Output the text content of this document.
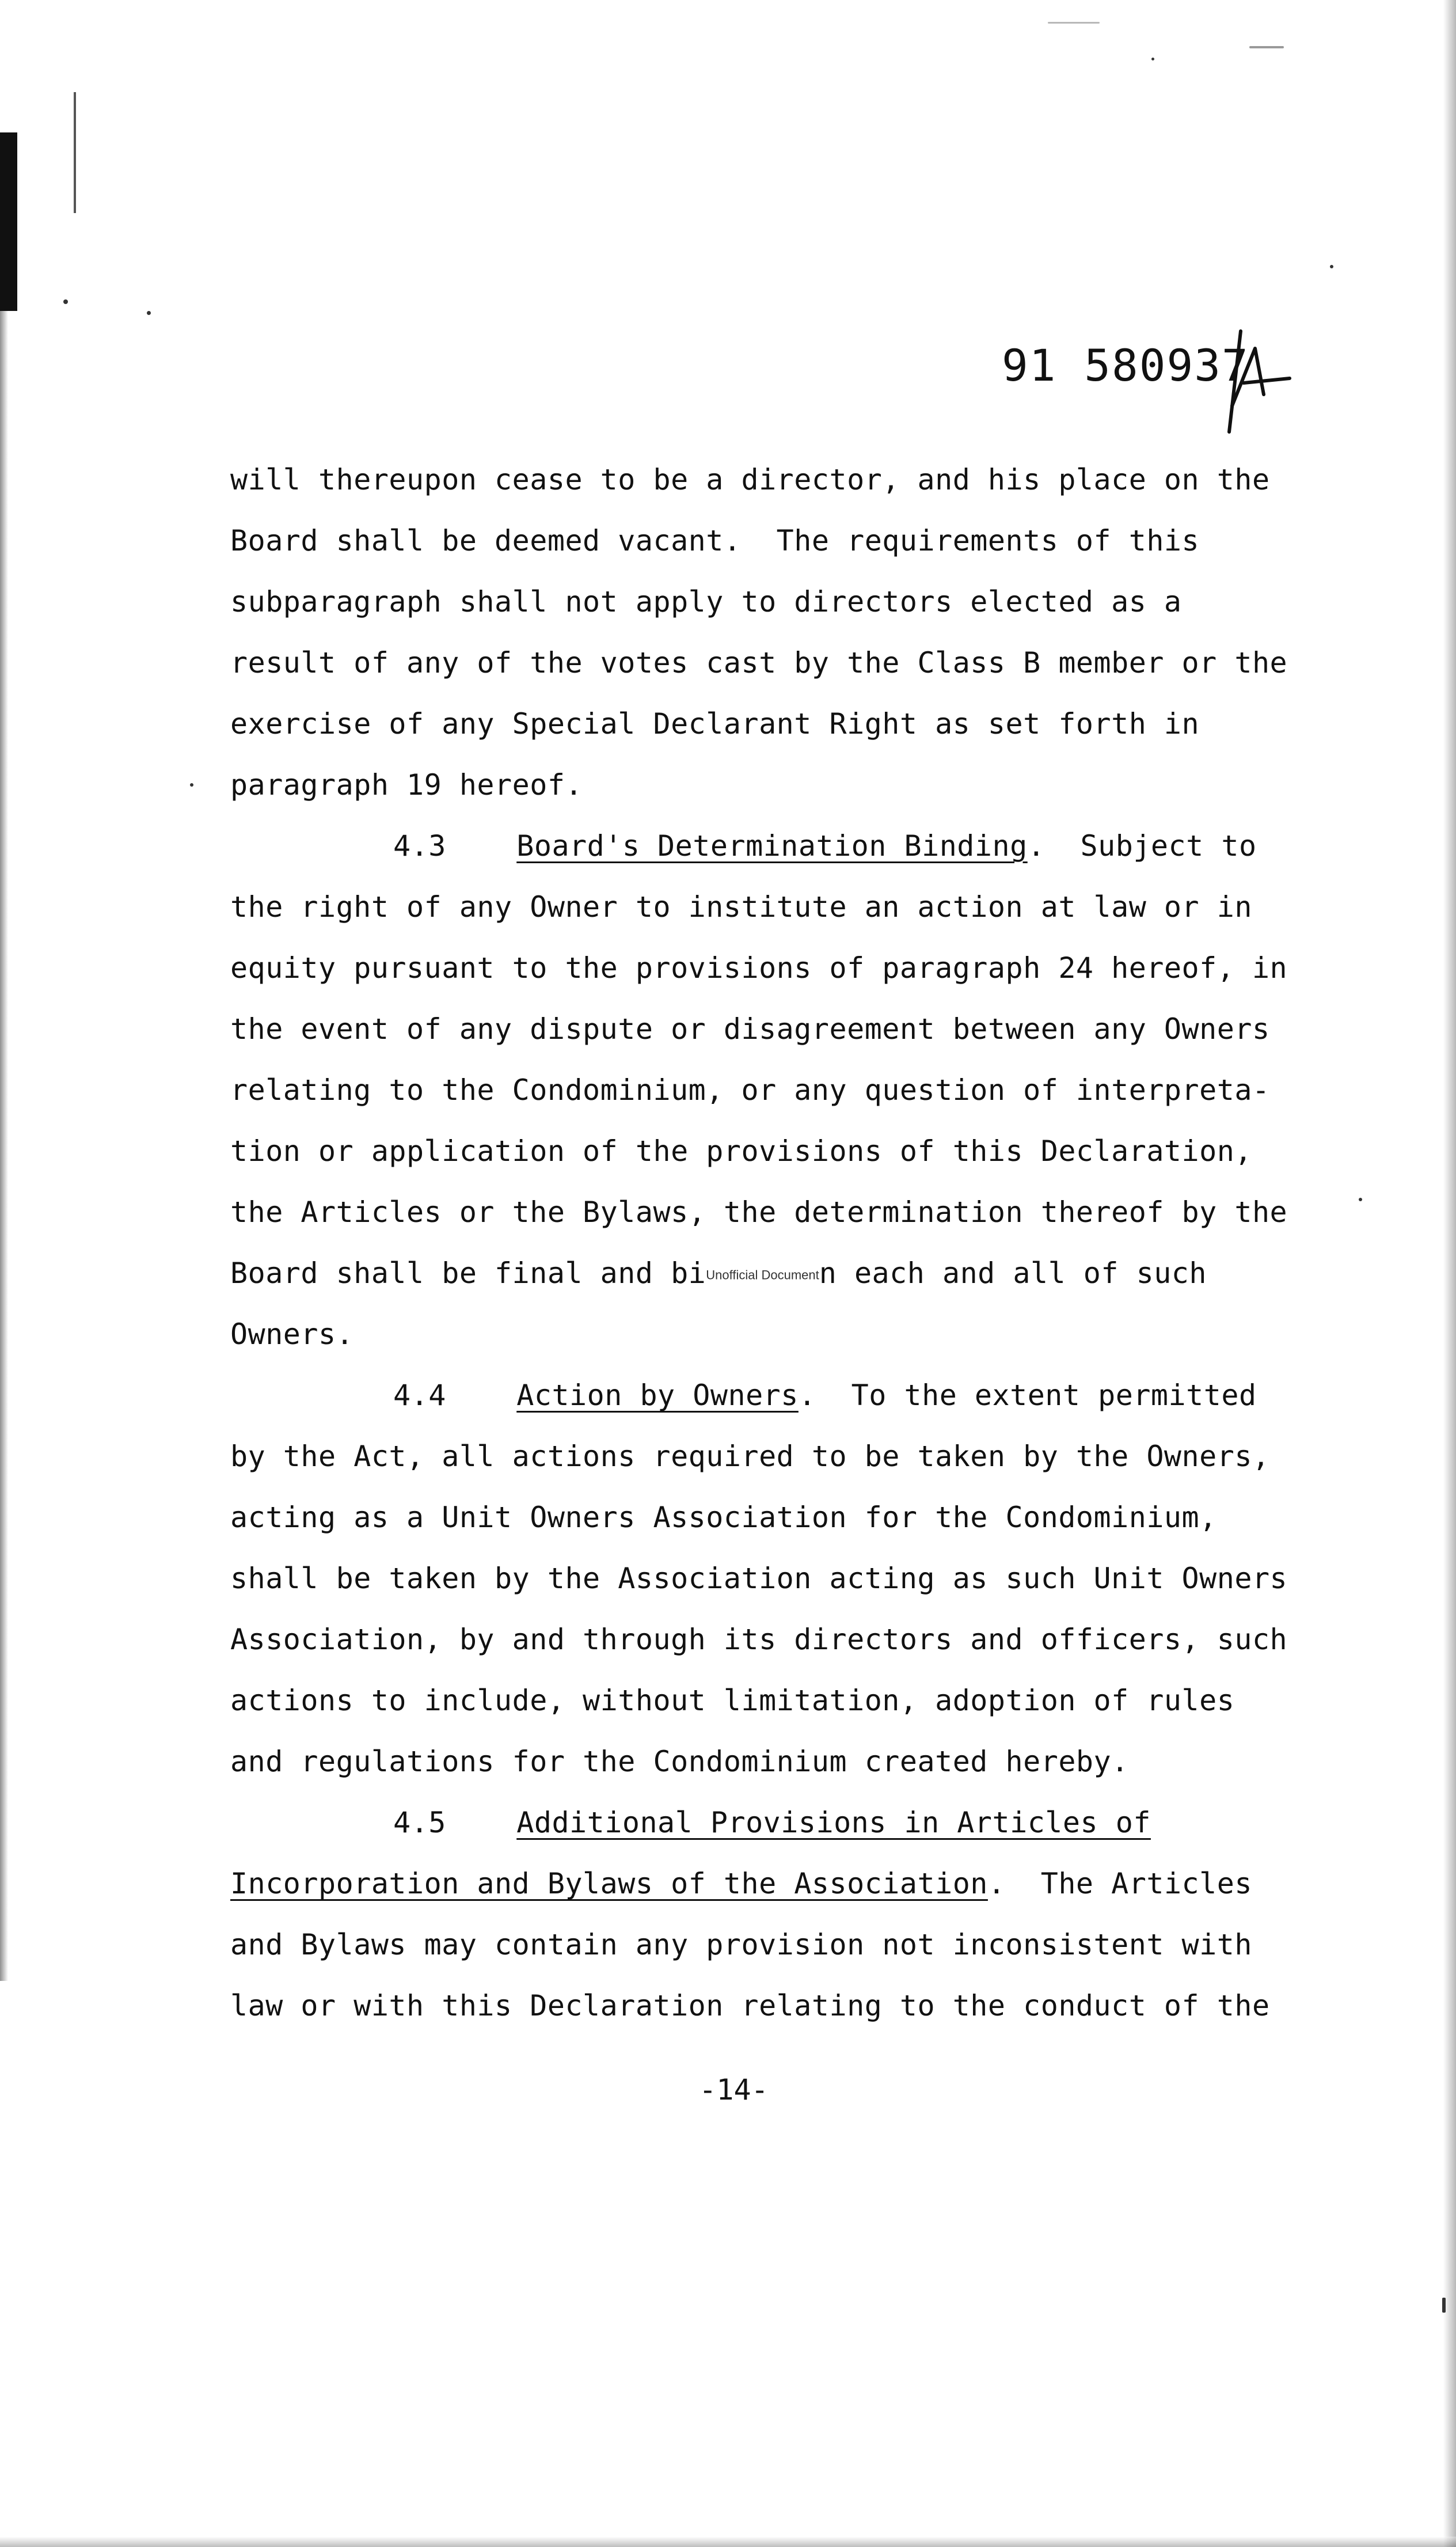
91 580937
will thereupon cease to be a director, and his place on the
Board shall be deemed vacant.  The requirements of this
subparagraph shall not apply to directors elected as a
result of any of the votes cast by the Class B member or the
exercise of any Special Declarant Right as set forth in
paragraph 19 hereof.
4.3 Board's Determination Binding.  Subject to
the right of any Owner to institute an action at law or in
equity pursuant to the provisions of paragraph 24 hereof, in
the event of any dispute or disagreement between any Owners
relating to the Condominium, or any question of interpreta-
tion or application of the provisions of this Declaration,
the Articles or the Bylaws, the determination thereof by the
Board shall be final and biUnofficial Documentn each and all of such
Owners.
4.4 Action by Owners.  To the extent permitted
by the Act, all actions required to be taken by the Owners,
acting as a Unit Owners Association for the Condominium,
shall be taken by the Association acting as such Unit Owners
Association, by and through its directors and officers, such
actions to include, without limitation, adoption of rules
and regulations for the Condominium created hereby.
4.5 Additional Provisions in Articles of
Incorporation and Bylaws of the Association.  The Articles
and Bylaws may contain any provision not inconsistent with
law or with this Declaration relating to the conduct of the
-14-
